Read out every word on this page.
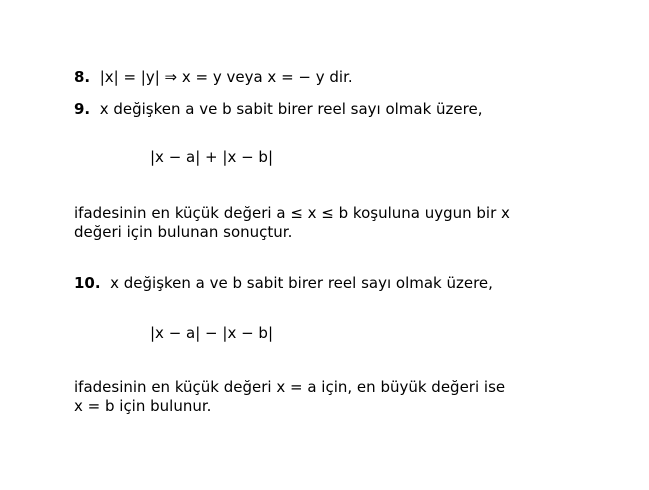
8. |x| = |y| ⇒ x = y veya x = − y dir.
9. x değişken a ve b sabit birer reel sayı olmak üzere,
|x − a| + |x − b|
ifadesinin en küçük değeri a ≤ x ≤ b koşuluna uygun bir x
değeri için bulunan sonuçtur.
10. x değişken a ve b sabit birer reel sayı olmak üzere,
|x − a| − |x − b|
ifadesinin en küçük değeri x = a için, en büyük değeri ise
x = b için bulunur.
